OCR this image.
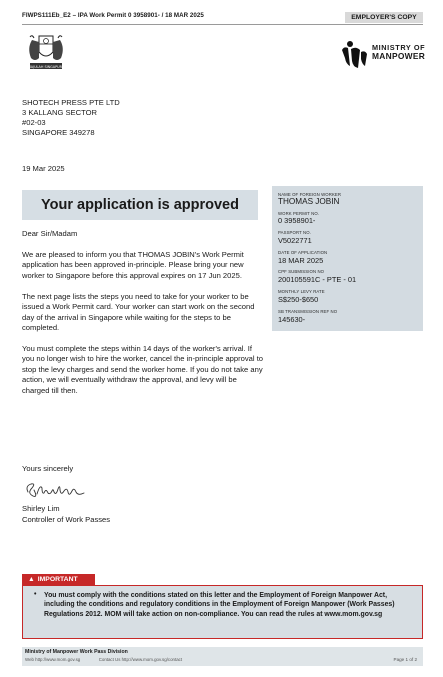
FIWPS111Eb_E2 – IPA Work Permit 0 3958901- / 18 MAR 2025	EMPLOYER'S COPY
MAJULAH SINGAPURA
MINISTRY OF
MANPOWER
SHOTECH PRESS PTE LTD
3 KALLANG SECTOR
#02-03
SINGAPORE 349278
19 Mar 2025
Your application is approved

Dear Sir/Madam

We are pleased to inform you that THOMAS JOBIN's Work Permit application has been approved in-principle. Please bring your new worker to Singapore before this approval expires on 17 Jun 2025.

The next page lists the steps you need to take for your worker to be issued a Work Permit card. Your worker can start work on the second day of the arrival in Singapore while waiting for the steps to be completed.

You must complete the steps within 14 days of the worker's arrival. If you no longer wish to hire the worker, cancel the in-principle approval to stop the levy charges and send the worker home. If you do not take any action, we will eventually withdraw the approval, and levy will be charged till then.

NAME OF FOREIGN WORKER
THOMAS JOBIN
WORK PERMIT NO.
0 3958901-
PASSPORT NO.
V5022771
DATE OF APPLICATION
18 MAR 2025
CPF SUBMISSION NO
200105591C - PTE - 01
MONTHLY LEVY RATE
S$250-$650
SB TRANSMISSION REF NO
145630-
Yours sincerely
Shirley Lim
Controller of Work Passes
▲ IMPORTANT
• You must comply with the conditions stated on this letter and the Employment of Foreign Manpower Act, including the conditions and regulatory conditions in the Employment of Foreign Manpower (Work Passes) Regulations 2012. MOM will take action on non-compliance. You can read the rules at www.mom.gov.sg
Ministry of Manpower Work Pass Division
Web http://www.mom.gov.sg	Contact Us http://www.mom.gov.sg/contact	Page 1 of 2
